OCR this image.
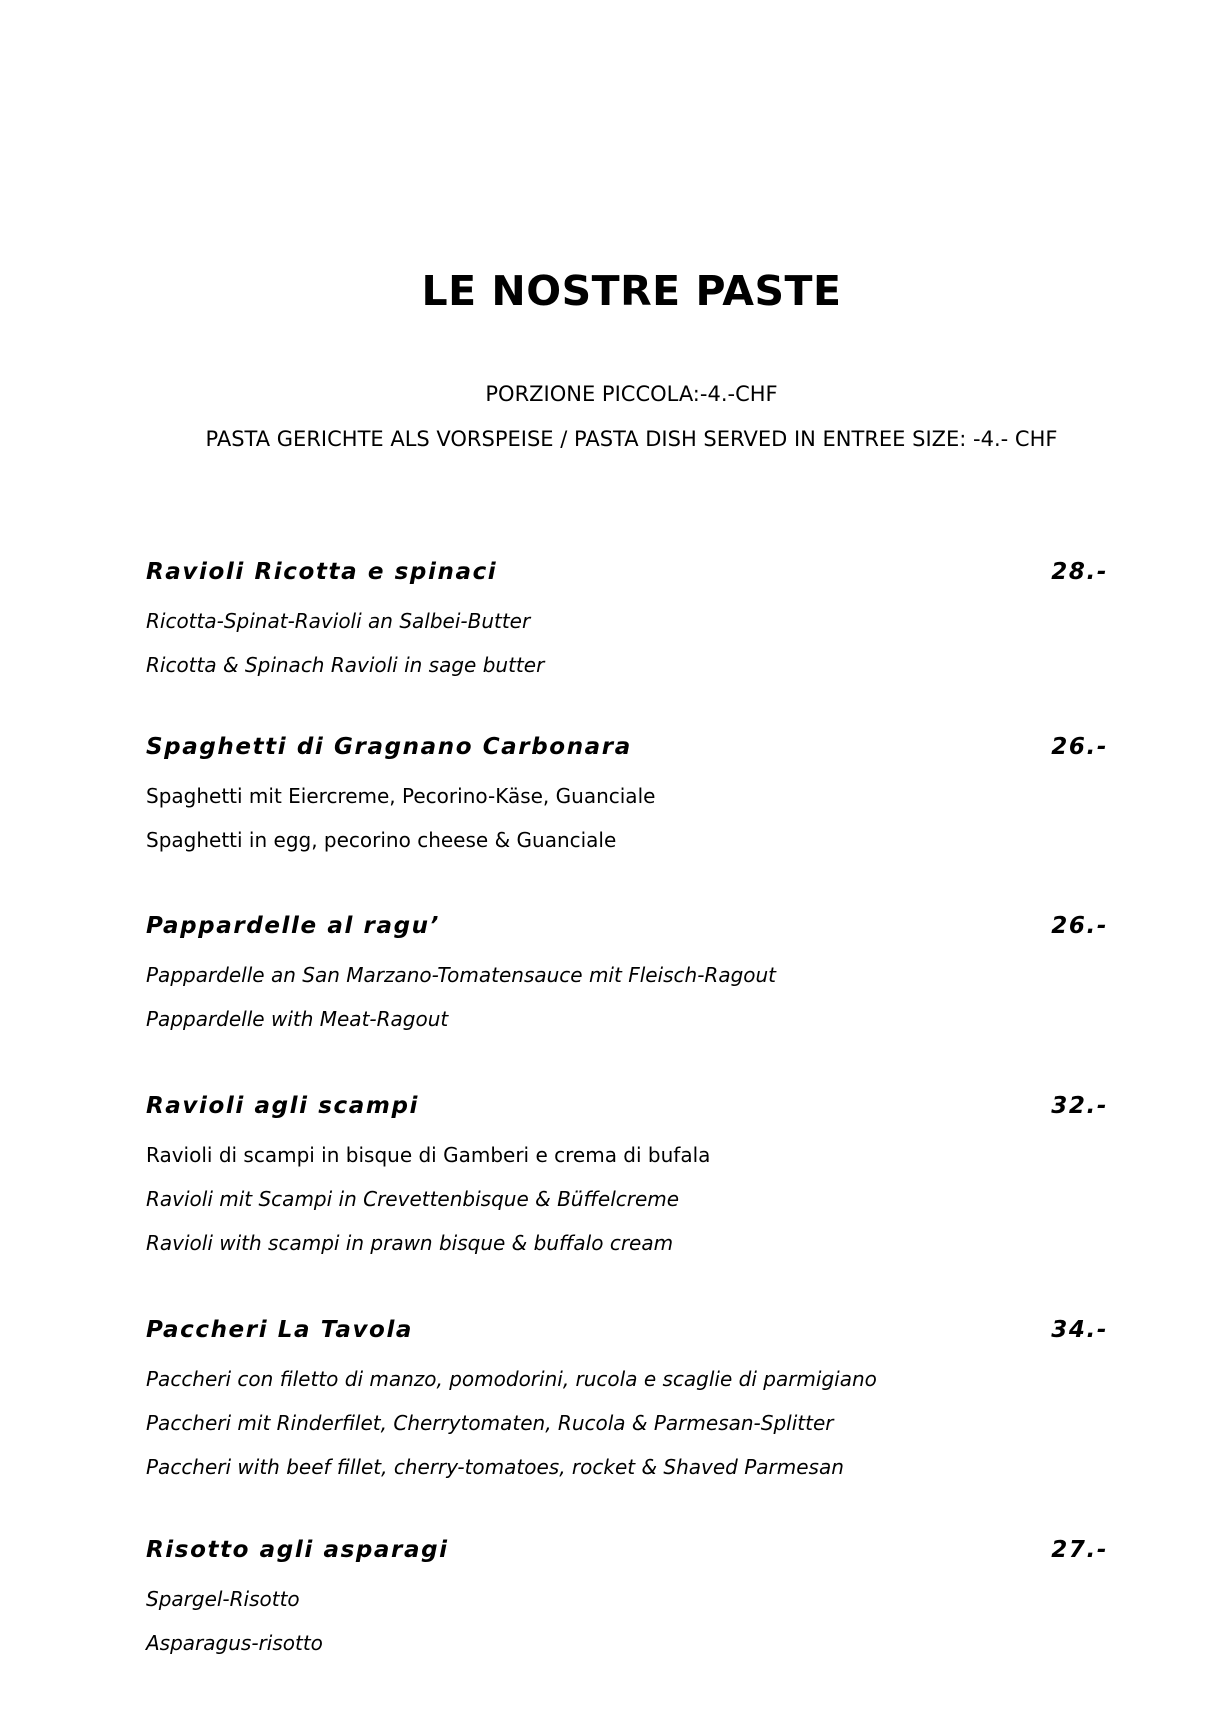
LE NOSTRE PASTE

PORZIONE PICCOLA:-4.-CHF

PASTA GERICHTE ALS VORSPEISE / PASTA DISH SERVED IN ENTREE SIZE: -4.- CHF

Ravioli Ricotta e spinaci	28.-
Ricotta-Spinat-Ravioli an Salbei-Butter
Ricotta & Spinach Ravioli in sage butter
Spaghetti di Gragnano Carbonara	26.-
Spaghetti mit Eiercreme, Pecorino-Käse, Guanciale
Spaghetti in egg, pecorino cheese & Guanciale
Pappardelle al ragu’	26.-
Pappardelle an San Marzano-Tomatensauce mit Fleisch-Ragout
Pappardelle with Meat-Ragout
Ravioli agli scampi	32.-
Ravioli di scampi in bisque di Gamberi e crema di bufala
Ravioli mit Scampi in Crevettenbisque & Büffelcreme
Ravioli with scampi in prawn bisque & buffalo cream
Paccheri La Tavola	34.-
Paccheri con filetto di manzo, pomodorini, rucola e scaglie di parmigiano
Paccheri mit Rinderfilet, Cherrytomaten, Rucola & Parmesan-Splitter
Paccheri with beef fillet, cherry-tomatoes, rocket & Shaved Parmesan
Risotto agli asparagi	27.-
Spargel-Risotto
Asparagus-risotto
